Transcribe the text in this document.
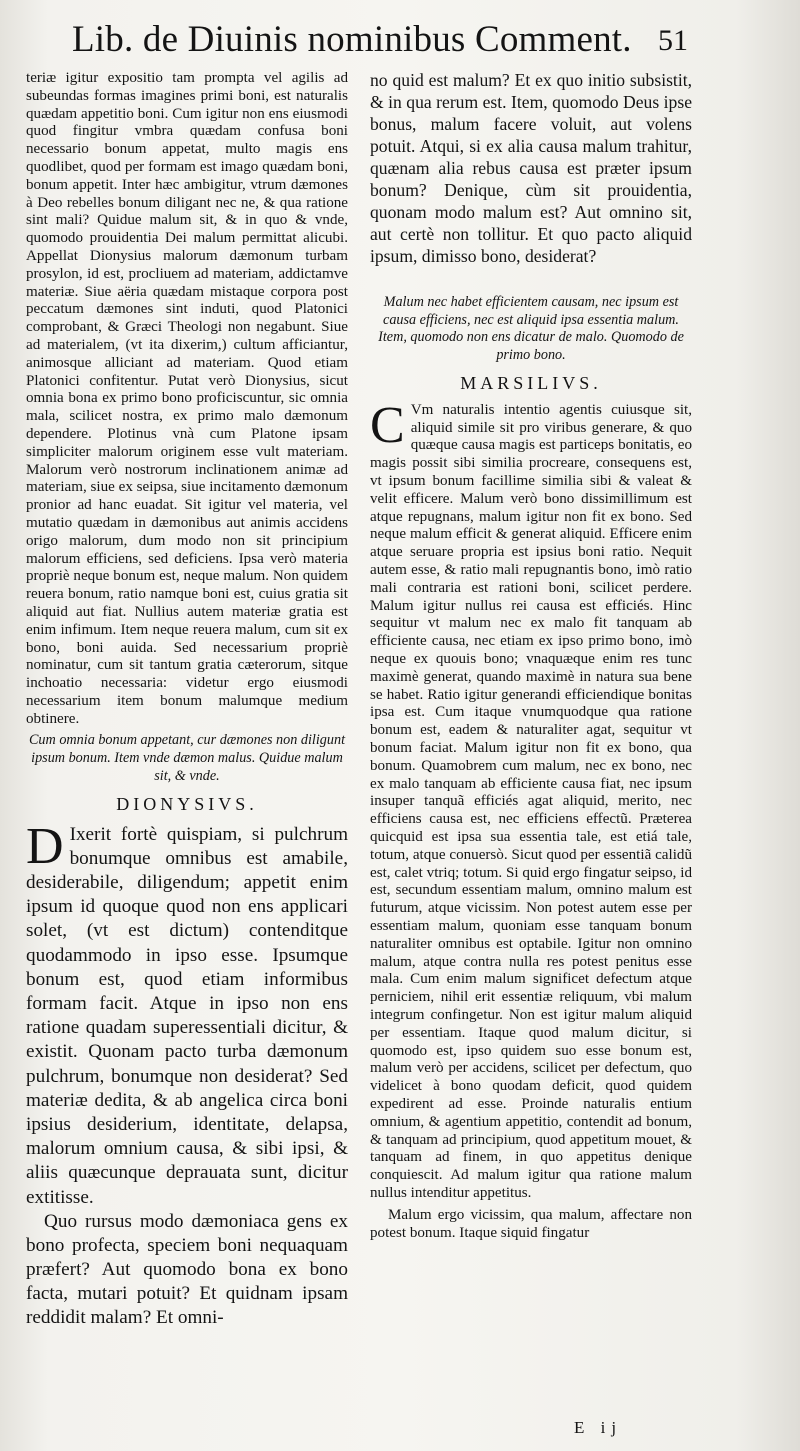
Lib. de Diuinis nominibus Comment. 51

teriæ igitur expositio tam prompta vel agilis ad subeundas formas imagines primi boni, est naturalis quædam appetitio boni. Cum igitur non ens eiusmodi quod fingitur vmbra quædam confusa boni necessario bonum appetat, multo magis ens quodlibet, quod per formam est imago quædam boni, bonum appetit. Inter hæc ambigitur, vtrum dæmones à Deo rebelles bonum diligant nec ne, & qua ratione sint mali? Quidue malum sit, & in quo & vnde, quomodo prouidentia Dei malum permittat alicubi. Appellat Dionysius malorum dæmonum turbam prosylon, id est, procliuem ad materiam, addictamve materiæ. Siue aëria quædam mistaque corpora post peccatum dæmones sint induti, quod Platonici comprobant, & Græci Theologi non negabunt. Siue ad materialem, (vt ita dixerim,) cultum afficiantur, animosque alliciant ad materiam. Quod etiam Platonici confitentur. Putat verò Dionysius, sicut omnia bona ex primo bono proficiscuntur, sic omnia mala, scilicet nostra, ex primo malo dæmonum dependere. Plotinus vnà cum Platone ipsam simpliciter malorum originem esse vult materiam. Malorum verò nostrorum inclinationem animæ ad materiam, siue ex seipsa, siue incitamento dæmonum pronior ad hanc euadat. Sit igitur vel materia, vel mutatio quædam in dæmonibus aut animis accidens origo malorum, dum modo non sit principium malorum efficiens, sed deficiens. Ipsa verò materia propriè neque bonum est, neque malum. Non quidem reuera bonum, ratio namque boni est, cuius gratia sit aliquid aut fiat. Nullius autem materiæ gratia est enim infimum. Item neque reuera malum, cum sit ex bono, boni auida. Sed necessarium propriè nominatur, cum sit tantum gratia cæterorum, sitque inchoatio necessaria: videtur ergo eiusmodi necessarium item bonum malumque medium obtinere.

Cum omnia bonum appetant, cur dæmones non diligunt ipsum bonum. Item vnde dæmon malus. Quidue malum sit, & vnde.

DIONYSIVS.
D Ixerit fortè quispiam, si pulchrum bonumque omnibus est amabile, desiderabile, diligendum; appetit enim ipsum id quoque quod non ens applicari solet, (vt est dictum) contenditque quodammodo in ipso esse. Ipsumque bonum est, quod etiam informibus formam facit. Atque in ipso non ens ratione quadam superessentiali dicitur, & existit. Quonam pacto turba dæmonum pulchrum, bonumque non desiderat? Sed materiæ dedita, & ab angelica circa boni ipsius desiderium, identitate, delapsa, malorum omnium causa, & sibi ipsi, & aliis quæcunque deprauata sunt, dicitur extitisse.

Quo rursus modo dæmoniaca gens ex bono profecta, speciem boni nequaquam præfert? Aut quomodo bona ex bono facta, mutari potuit? Et quidnam ipsam reddidit malam? Et omni-

no quid est malum? Et ex quo initio subsistit, & in qua rerum est. Item, quomodo Deus ipse bonus, malum facere voluit, aut volens potuit. Atqui, si ex alia causa malum trahitur, quænam alia rebus causa est præter ipsum bonum? Denique, cùm sit prouidentia, quonam modo malum est? Aut omnino sit, aut certè non tollitur. Et quo pacto aliquid ipsum, dimisso bono, desiderat?

Malum nec habet efficientem causam, nec ipsum est causa efficiens, nec est aliquid ipsa essentia malum. Item, quomodo non ens dicatur de malo. Quomodo de primo bono.

MARSILIVS.
C Vm naturalis intentio agentis cuiusque sit, aliquid simile sit pro viribus generare, & quo quæque causa magis est particeps bonitatis, eo magis possit sibi similia procreare, consequens est, vt ipsum bonum facillime similia sibi & valeat & velit efficere. Malum verò bono dissimillimum est atque repugnans, malum igitur non fit ex bono. Sed neque malum efficit & generat aliquid. Efficere enim atque seruare propria est ipsius boni ratio. Nequit autem esse, & ratio mali repugnantis bono, imò ratio mali contraria est rationi boni, scilicet perdere. Malum igitur nullus rei causa est efficiés. Hinc sequitur vt malum nec ex malo fit tanquam ab efficiente causa, nec etiam ex ipso primo bono, imò neque ex quouis bono; vnaquæque enim res tunc maximè generat, quando maximè in natura sua bene se habet. Ratio igitur generandi efficiendique bonitas ipsa est. Cum itaque vnumquodque qua ratione bonum est, eadem & naturaliter agat, sequitur vt bonum faciat. Malum igitur non fit ex bono, qua bonum. Quamobrem cum malum, nec ex bono, nec ex malo tanquam ab efficiente causa fiat, nec ipsum insuper tanquã efficiés agat aliquid, merito, nec efficiens causa est, nec efficiens effectũ. Præterea quicquid est ipsa sua essentia tale, est etiá tale, totum, atque conuersò. Sicut quod per essentiã calidũ est, calet vtriq; totum. Si quid ergo fingatur seipso, id est, secundum essentiam malum, omnino malum est futurum, atque vicissim. Non potest autem esse per essentiam malum, quoniam esse tanquam bonum naturaliter omnibus est optabile. Igitur non omnino malum, atque contra nulla res potest penitus esse mala. Cum enim malum significet defectum atque perniciem, nihil erit essentiæ reliquum, vbi malum integrum confingetur. Non est igitur malum aliquid per essentiam. Itaque quod malum dicitur, si quomodo est, ipso quidem suo esse bonum est, malum verò per accidens, scilicet per defectum, quo videlicet à bono quodam deficit, quod quidem expedirent ad esse. Proinde naturalis entium omnium, & agentium appetitio, contendit ad bonum, & tanquam ad principium, quod appetitum mouet, & tanquam ad finem, in quo appetitus denique conquiescit. Ad malum igitur qua ratione malum nullus intenditur appetitus.

Malum ergo vicissim, qua malum, affectare non potest bonum. Itaque siquid fingatur

E ij
